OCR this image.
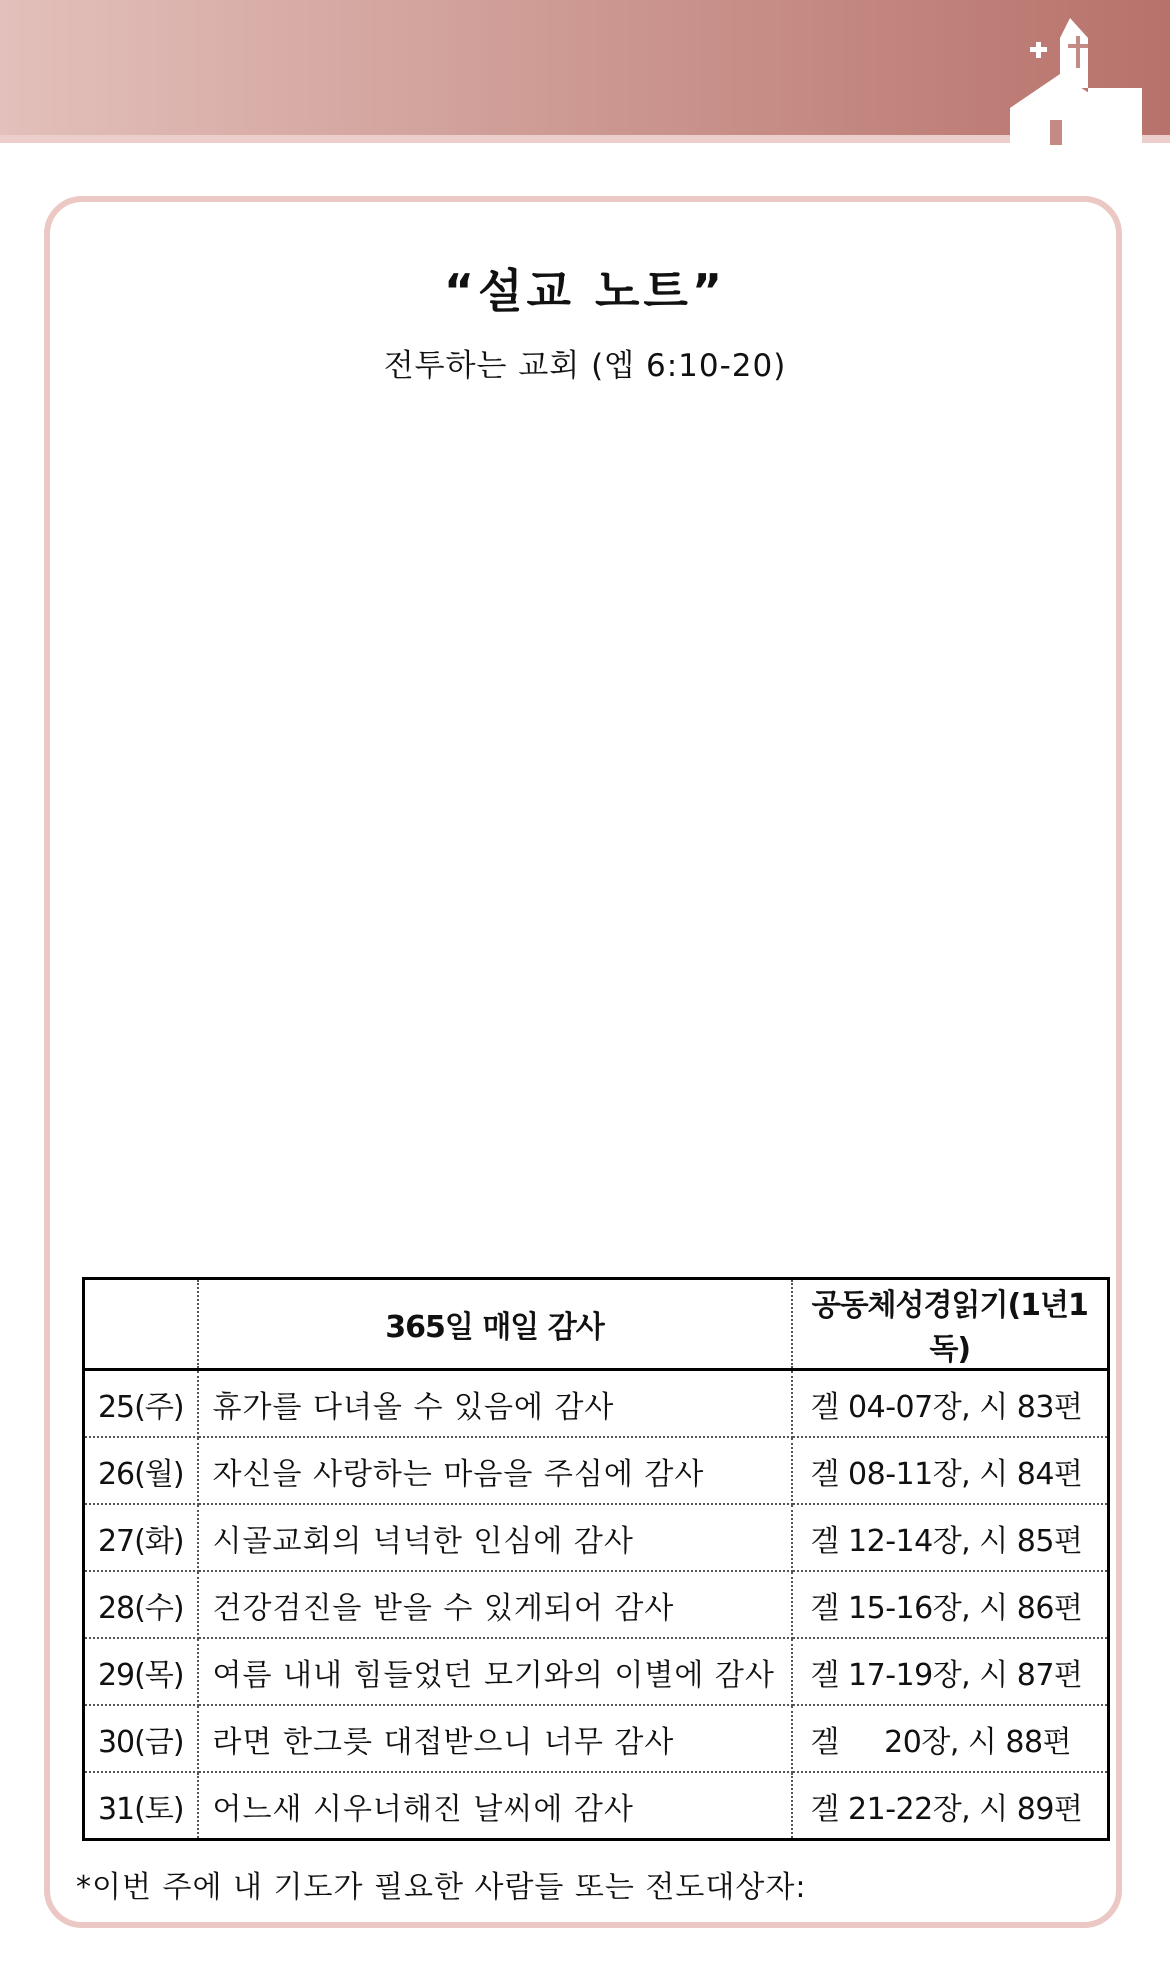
“설교 노트”
전투하는 교회 (엡 6:10-20)
	365일 매일 감사	공동체성경읽기(1년1독)
25(주)	휴가를 다녀올 수 있음에 감사	겔 04-07장, 시 83편
26(월)	자신을 사랑하는 마음을 주심에 감사	겔 08-11장, 시 84편
27(화)	시골교회의 넉넉한 인심에 감사	겔 12-14장, 시 85편
28(수)	건강검진을 받을 수 있게되어 감사	겔 15-16장, 시 86편
29(목)	여름 내내 힘들었던 모기와의 이별에 감사	겔 17-19장, 시 87편
30(금)	라면 한그릇 대접받으니 너무 감사	겔     20장, 시 88편
31(토)	어느새 시우너해진 날씨에 감사	겔 21-22장, 시 89편
*이번 주에 내 기도가 필요한 사람들 또는 전도대상자:
